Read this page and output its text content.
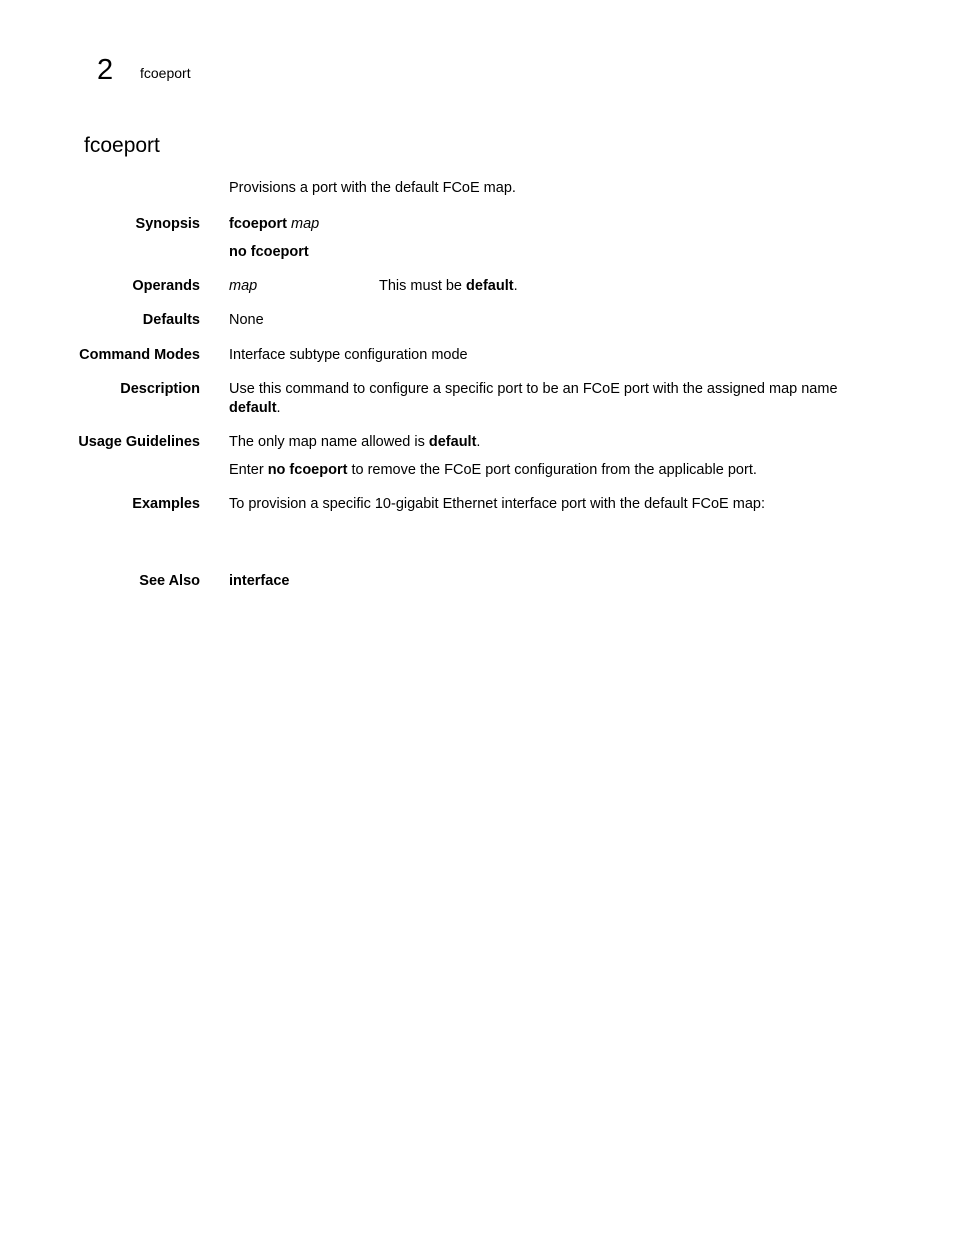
2 fcoeport
fcoeport
Provisions a port with the default FCoE map.
Synopsis fcoeport map
no fcoeport
Operands map	This must be default.
Defaults None
Command Modes Interface subtype configuration mode
Description Use this command to configure a specific port to be an FCoE port with the assigned map name default.
Usage Guidelines The only map name allowed is default.
Enter no fcoeport to remove the FCoE port configuration from the applicable port.
Examples To provision a specific 10-gigabit Ethernet interface port with the default FCoE map:
See Also interface
